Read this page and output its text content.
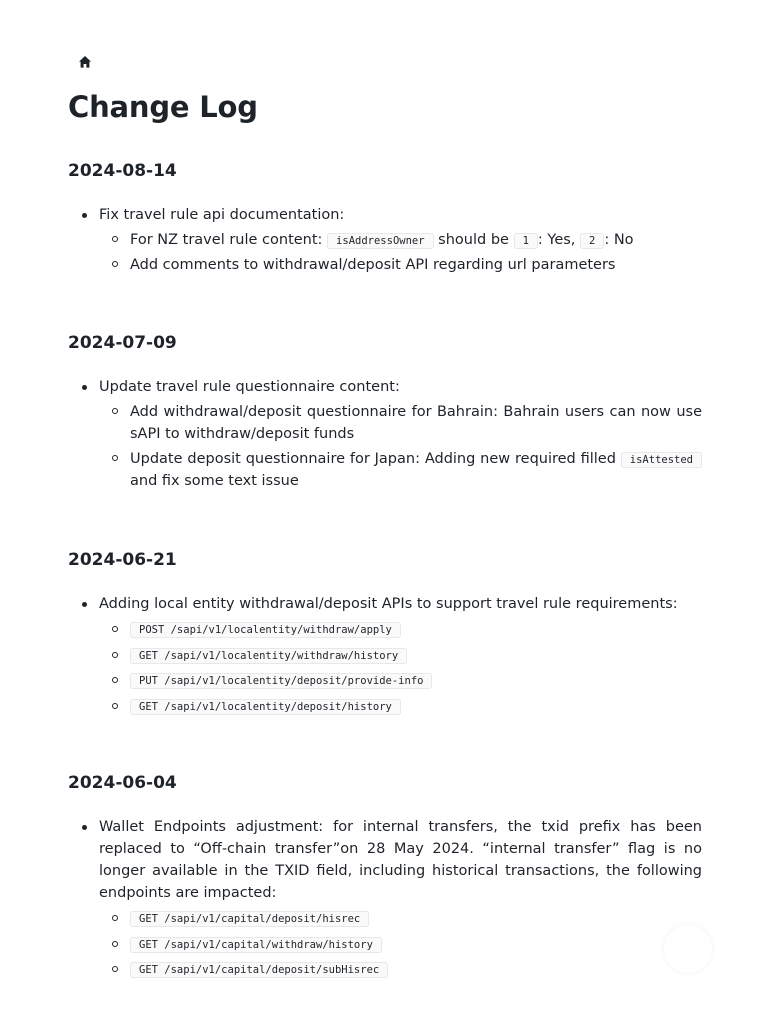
Change Log
2024-08-14
Fix travel rule api documentation:
For NZ travel rule content: isAddressOwner should be 1 : Yes, 2 : No
Add comments to withdrawal/deposit API regarding url parameters
2024-07-09
Update travel rule questionnaire content:
Add withdrawal/deposit questionnaire for Bahrain: Bahrain users can now use sAPI to withdraw/deposit funds
Update deposit questionnaire for Japan: Adding new required filled isAttested and fix some text issue
2024-06-21
Adding local entity withdrawal/deposit APIs to support travel rule requirements:
POST /sapi/v1/localentity/withdraw/apply
GET /sapi/v1/localentity/withdraw/history
PUT /sapi/v1/localentity/deposit/provide-info
GET /sapi/v1/localentity/deposit/history
2024-06-04
Wallet Endpoints adjustment: for internal transfers, the txid prefix has been replaced to “Off-chain transfer”on 28 May 2024. “internal transfer” flag is no longer available in the TXID field, including historical transactions, the following endpoints are impacted:
GET /sapi/v1/capital/deposit/hisrec
GET /sapi/v1/capital/withdraw/history
GET /sapi/v1/capital/deposit/subHisrec
